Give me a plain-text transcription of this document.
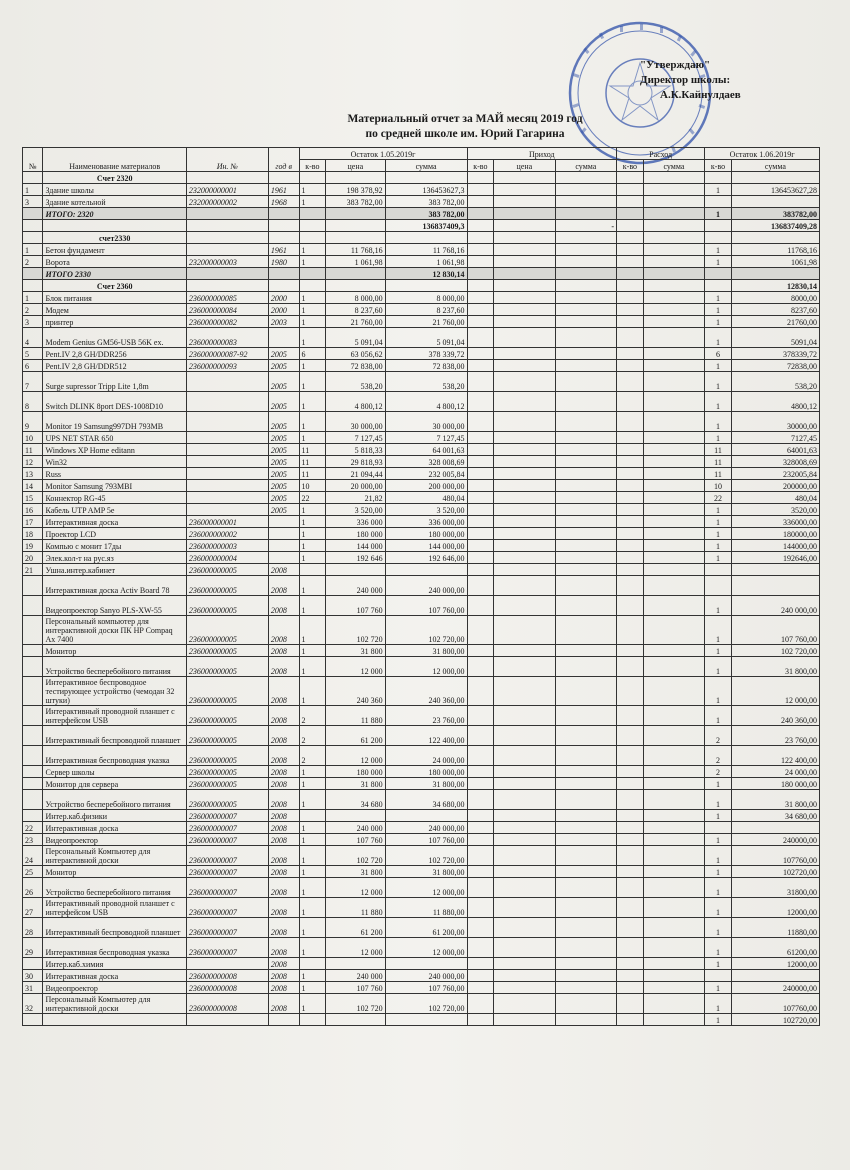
"Утверждаю"
Директор школы:
А.К.Кайнулдаев
Материальный отчет за МАЙ месяц 2019 год
по средней школе им. Юрий Гагарина
№	Наименование материалов	Ин. №	год в	Остаток 1.05.2019г			Приход			Расход		Остаток 1.06.2019г	
				к-во	цена	сумма	к-во	цена	сумма	к-во	сумма	к-во	сумма
	Счет 2320												
1	Здание школы	232000000001	1961	1	198 378,92	136453627,3						1	136453627,28
3	Здание котельной	232000000002	1968	1	383 782,00	383 782,00							
	ИТОГО: 2320					383 782,00						1	383782,00
						136837409,3			-				136837409,28
	счет2330												
1	Бетон фундамент		1961	1	11 768,16	11 768,16						1	11768,16
2	Ворота	232000000003	1980	1	1 061,98	1 061,98						1	1061,98
	ИТОГО 2330					12 830,14							
	Счет 2360												12830,14
1	Блок питания	236000000085	2000	1	8 000,00	8 000,00						1	8000,00
2	Модем	236000000084	2000	1	8 237,60	8 237,60						1	8237,60
3	принтер	236000000082	2003	1	21 760,00	21 760,00						1	21760,00
4	Modem Genius GM56-USB 56K ex.	236000000083		1	5 091,04	5 091,04						1	5091,04
5	Pent.IV 2,8 GH/DDR256	236000000087-92	2005	6	63 056,62	378 339,72						6	378339,72
6	Pent.IV 2,8 GH/DDR512	236000000093	2005	1	72 838,00	72 838,00						1	72838,00
7	Surge supressor Tripp Lite 1,8m		2005	1	538,20	538,20						1	538,20
8	Switch DLINK 8port DES-1008D10		2005	1	4 800,12	4 800,12						1	4800,12
9	Monitor 19 Samsung997DH 793MB		2005	1	30 000,00	30 000,00						1	30000,00
10	UPS NET STAR 650		2005	1	7 127,45	7 127,45						1	7127,45
11	Windows XP Home editann		2005	11	5 818,33	64 001,63						11	64001,63
12	Win32		2005	11	29 818,93	328 008,69						11	328008,69
13	Russ		2005	11	21 094,44	232 005,84						11	232005,84
14	Monitor Samsung 793MBI		2005	10	20 000,00	200 000,00						10	200000,00
15	Коннектор RG-45		2005	22	21,82	480,04						22	480,04
16	Кабель UTP AMP 5e		2005	1	3 520,00	3 520,00						1	3520,00
17	Интерактивная доска	236000000001		1	336 000	336 000,00						1	336000,00
18	Проектор LCD	236000000002		1	180 000	180 000,00						1	180000,00
19	Компью с монит 17ды	236000000003		1	144 000	144 000,00						1	144000,00
20	Элек.кол-т на рус.яз	236000000004		1	192 646	192 646,00						1	192646,00
21	Ушна.интер.кабинет	236000000005	2008										
	Интерактивная доска Activ Board 78	236000000005	2008	1	240 000	240 000,00							
	Видеопроектор Sanyo PLS-XW-55	236000000005	2008	1	107 760	107 760,00						1	240 000,00
	Персональный компьютер для интерактивной доски ПК HP Compaq Ax 7400	236000000005	2008	1	102 720	102 720,00						1	107 760,00
	Монитор	236000000005	2008	1	31 800	31 800,00						1	102 720,00
	Устройство бесперебойного питания	236000000005	2008	1	12 000	12 000,00						1	31 800,00
	Интерактивное беспроводное тестирующее устройство (чемодан 32 штуки)	236000000005	2008	1	240 360	240 360,00						1	12 000,00
	Интерактивный проводной планшет с интерфейсом USB	236000000005	2008	2	11 880	23 760,00						1	240 360,00
	Интерактивный беспроводной планшет	236000000005	2008	2	61 200	122 400,00						2	23 760,00
	Интерактивная беспроводная указка	236000000005	2008	2	12 000	24 000,00						2	122 400,00
	Сервер школы	236000000005	2008	1	180 000	180 000,00						2	24 000,00
	Монитор для сервера	236000000005	2008	1	31 800	31 800,00						1	180 000,00
	Устройство бесперебойного питания	236000000005	2008	1	34 680	34 680,00						1	31 800,00
	Интер.каб.физики	236000000007	2008									1	34 680,00
22	Интерактивная доска	236000000007	2008	1	240 000	240 000,00							
23	Видеопроектор	236000000007	2008	1	107 760	107 760,00						1	240000,00
24	Персональный Компьютер для интерактивной доски	236000000007	2008	1	102 720	102 720,00						1	107760,00
25	Монитор	236000000007	2008	1	31 800	31 800,00						1	102720,00
26	Устройство бесперебойного питания	236000000007	2008	1	12 000	12 000,00						1	31800,00
27	Интерактивный проводной планшет с интерфейсом USB	236000000007	2008	1	11 880	11 880,00						1	12000,00
28	Интерактивный беспроводной планшет	236000000007	2008	1	61 200	61 200,00						1	11880,00
29	Интерактивная беспроводная указка	236000000007	2008	1	12 000	12 000,00						1	61200,00
	Интер.каб.химия		2008									1	12000,00
30	Интерактивная доска	236000000008	2008	1	240 000	240 000,00							
31	Видеопроектор	236000000008	2008	1	107 760	107 760,00						1	240000,00
32	Персональный Компьютер для интерактивной доски	236000000008	2008	1	102 720	102 720,00						1	107760,00
												1	102720,00
